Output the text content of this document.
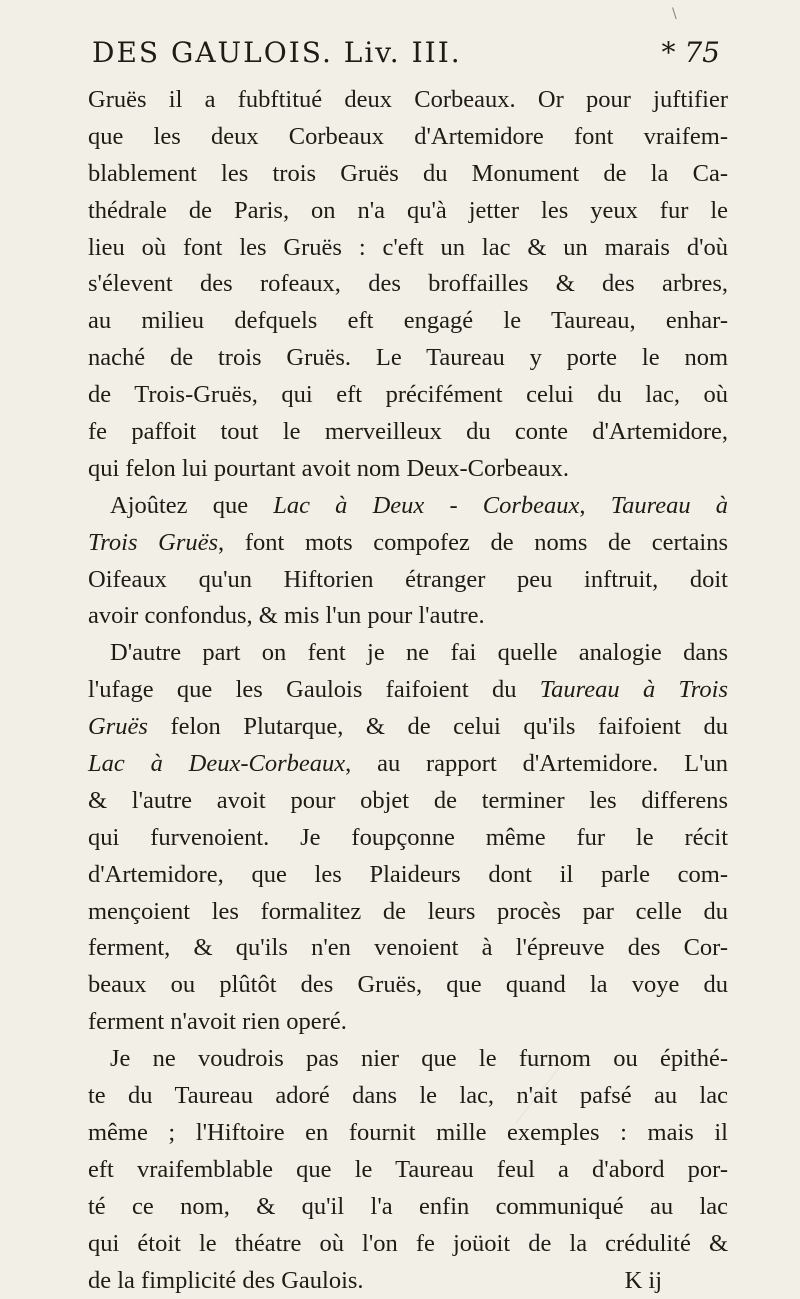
\
DES GAULOIS. Liv. III.	* 75
Gruës il a fubftitué deux Corbeaux. Or pour juftifier
que les deux Corbeaux d'Artemidore font vraifem-
blablement les trois Gruës du Monument de la Ca-
thédrale de Paris, on n'a qu'à jetter les yeux fur le
lieu où font les Gruës : c'eft un lac & un marais d'où
s'élevent des rofeaux, des broffailles & des arbres,
au milieu defquels eft engagé le Taureau, enhar-
naché de trois Gruës. Le Taureau y porte le nom
de Trois-Gruës, qui eft précifément celui du lac, où
fe paffoit tout le merveilleux du conte d'Artemidore,
qui felon lui pourtant avoit nom Deux-Corbeaux.
Ajoûtez que Lac à Deux - Corbeaux, Taureau à
Trois Gruës, font mots compofez de noms de certains
Oifeaux qu'un Hiftorien étranger peu inftruit, doit
avoir confondus, & mis l'un pour l'autre.
D'autre part on fent je ne fai quelle analogie dans
l'ufage que les Gaulois faifoient du Taureau à Trois
Gruës felon Plutarque, & de celui qu'ils faifoient du
Lac à Deux-Corbeaux, au rapport d'Artemidore. L'un
& l'autre avoit pour objet de terminer les differens
qui furvenoient. Je foupçonne même fur le récit
d'Artemidore, que les Plaideurs dont il parle com-
mençoient les formalitez de leurs procès par celle du
ferment, & qu'ils n'en venoient à l'épreuve des Cor-
beaux ou plûtôt des Gruës, que quand la voye du
ferment n'avoit rien operé.
Je ne voudrois pas nier que le furnom ou épithé-
te du Taureau adoré dans le lac, n'ait pafsé au lac
même ; l'Hiftoire en fournit mille exemples : mais il
eft vraifemblable que le Taureau feul a d'abord por-
té ce nom, & qu'il l'a enfin communiqué au lac
qui étoit le théatre où l'on fe joüoit de la crédulité &
de la fimplicité des Gaulois.	K ij
